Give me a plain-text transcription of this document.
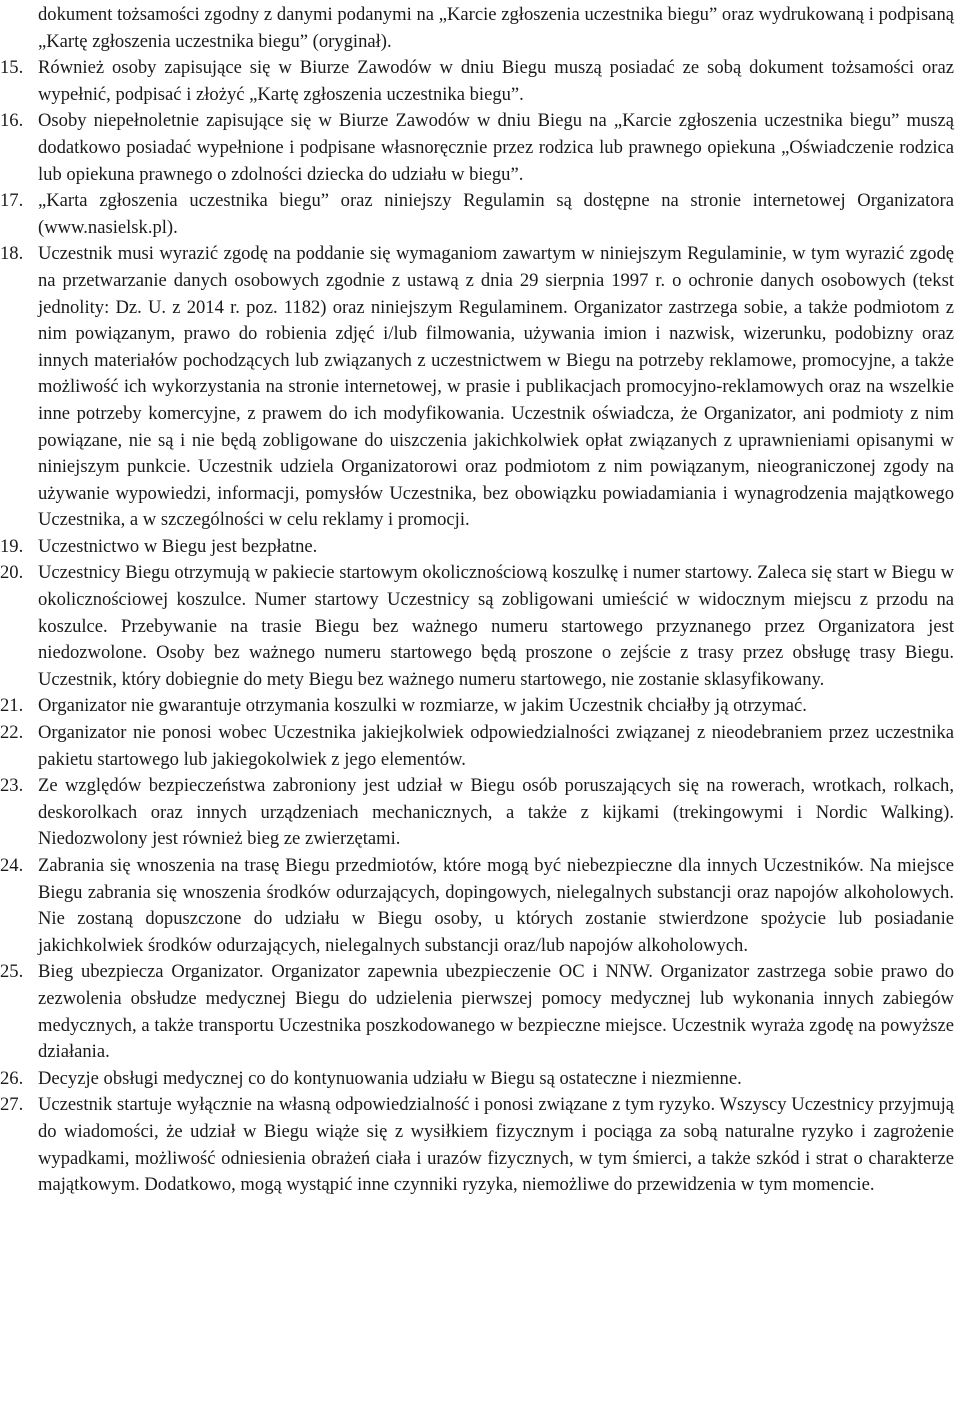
dokument tożsamości zgodny z danymi podanymi na „Karcie zgłoszenia uczestnika biegu” oraz wydrukowaną i podpisaną „Kartę zgłoszenia uczestnika biegu” (oryginał).

15. Również osoby zapisujące się w Biurze Zawodów w dniu Biegu muszą posiadać ze sobą dokument tożsamości oraz wypełnić, podpisać i złożyć „Kartę zgłoszenia uczestnika biegu”.
16. Osoby niepełnoletnie zapisujące się w Biurze Zawodów w dniu Biegu na „Karcie zgłoszenia uczestnika biegu” muszą dodatkowo posiadać wypełnione i podpisane własnoręcznie przez rodzica lub prawnego opiekuna „Oświadczenie rodzica lub opiekuna prawnego o zdolności dziecka do udziału w biegu”.
17. „Karta zgłoszenia uczestnika biegu” oraz niniejszy Regulamin są dostępne na stronie internetowej Organizatora (www.nasielsk.pl).
18. Uczestnik musi wyrazić zgodę na poddanie się wymaganiom zawartym w niniejszym Regulaminie, w tym wyrazić zgodę na przetwarzanie danych osobowych zgodnie z ustawą z dnia 29 sierpnia 1997 r. o ochronie danych osobowych (tekst jednolity: Dz. U. z 2014 r. poz. 1182) oraz niniejszym Regulaminem. Organizator zastrzega sobie, a także podmiotom z nim powiązanym, prawo do robienia zdjęć i/lub filmowania, używania imion i nazwisk, wizerunku, podobizny oraz innych materiałów pochodzących lub związanych z uczestnictwem w Biegu na potrzeby reklamowe, promocyjne, a także możliwość ich wykorzystania na stronie internetowej, w prasie i publikacjach promocyjno-reklamowych oraz na wszelkie inne potrzeby komercyjne, z prawem do ich modyfikowania. Uczestnik oświadcza, że Organizator, ani podmioty z nim powiązane, nie są i nie będą zobligowane do uiszczenia jakichkolwiek opłat związanych z uprawnieniami opisanymi w niniejszym punkcie. Uczestnik udziela Organizatorowi oraz podmiotom z nim powiązanym, nieograniczonej zgody na używanie wypowiedzi, informacji, pomysłów Uczestnika, bez obowiązku powiadamiania i wynagrodzenia majątkowego Uczestnika, a w szczególności w celu reklamy i promocji.
19. Uczestnictwo w Biegu jest bezpłatne.
20. Uczestnicy Biegu otrzymują w pakiecie startowym okolicznościową koszulkę i numer startowy. Zaleca się start w Biegu w okolicznościowej koszulce. Numer startowy Uczestnicy są zobligowani umieścić w widocznym miejscu z przodu na koszulce. Przebywanie na trasie Biegu bez ważnego numeru startowego przyznanego przez Organizatora jest niedozwolone. Osoby bez ważnego numeru startowego będą proszone o zejście z trasy przez obsługę trasy Biegu. Uczestnik, który dobiegnie do mety Biegu bez ważnego numeru startowego, nie zostanie sklasyfikowany.
21. Organizator nie gwarantuje otrzymania koszulki w rozmiarze, w jakim Uczestnik chciałby ją otrzymać.
22. Organizator nie ponosi wobec Uczestnika jakiejkolwiek odpowiedzialności związanej z nieodebraniem przez uczestnika pakietu startowego lub jakiegokolwiek z jego elementów.
23. Ze względów bezpieczeństwa zabroniony jest udział w Biegu osób poruszających się na rowerach, wrotkach, rolkach, deskorolkach oraz innych urządzeniach mechanicznych, a także z kijkami (trekingowymi i Nordic Walking). Niedozwolony jest również bieg ze zwierzętami.
24. Zabrania się wnoszenia na trasę Biegu przedmiotów, które mogą być niebezpieczne dla innych Uczestników. Na miejsce Biegu zabrania się wnoszenia środków odurzających, dopingowych, nielegalnych substancji oraz napojów alkoholowych. Nie zostaną dopuszczone do udziału w Biegu osoby, u których zostanie stwierdzone spożycie lub posiadanie jakichkolwiek środków odurzających, nielegalnych substancji oraz/lub napojów alkoholowych.
25. Bieg ubezpiecza Organizator. Organizator zapewnia ubezpieczenie OC i NNW. Organizator zastrzega sobie prawo do zezwolenia obsłudze medycznej Biegu do udzielenia pierwszej pomocy medycznej lub wykonania innych zabiegów medycznych, a także transportu Uczestnika poszkodowanego w bezpieczne miejsce. Uczestnik wyraża zgodę na powyższe działania.
26. Decyzje obsługi medycznej co do kontynuowania udziału w Biegu są ostateczne i niezmienne.
27. Uczestnik startuje wyłącznie na własną odpowiedzialność i ponosi związane z tym ryzyko. Wszyscy Uczestnicy przyjmują do wiadomości, że udział w Biegu wiąże się z wysiłkiem fizycznym i pociąga za sobą naturalne ryzyko i zagrożenie wypadkami, możliwość odniesienia obrażeń ciała i urazów fizycznych, w tym śmierci, a także szkód i strat o charakterze majątkowym. Dodatkowo, mogą wystąpić inne czynniki ryzyka, niemożliwe do przewidzenia w tym momencie.
